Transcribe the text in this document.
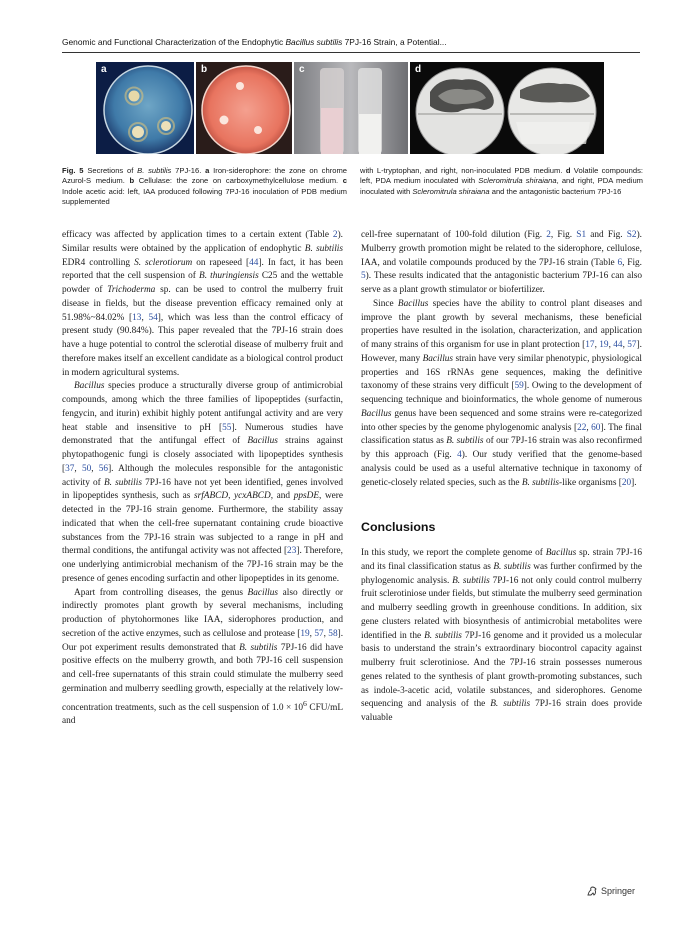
Genomic and Functional Characterization of the Endophytic Bacillus subtilis 7PJ-16 Strain, a Potential...
a	b	c	d
Fig. 5 Secretions of B. subtilis 7PJ-16. a Iron-siderophore: the zone on chrome Azurol-S medium. b Cellulase: the zone on carboxymethylcellulose medium. c Indole acetic acid: left, IAA produced following 7PJ-16 inoculation of PDB medium supplemented
with L-tryptophan, and right, non-inoculated PDB medium. d Volatile compounds: left, PDA medium inoculated with Scleromitrula shiraiana, and right, PDA medium inoculated with Scleromitrula shiraiana and the antagonistic bacterium 7PJ-16

efficacy was affected by application times to a certain extent (Table 2). Similar results were obtained by the application of endophytic B. subtilis EDR4 controlling S. sclerotiorum on rapeseed [44]. In fact, it has been reported that the cell suspension of B. thuringiensis C25 and the wettable powder of Trichoderma sp. can be used to control the mulberry fruit disease in fields, but the disease prevention efficacy remained only at 51.98%~84.02% [13, 54], which was less than the control efficacy of present study (90.84%). This paper revealed that the 7PJ-16 strain does have a huge potential to control the sclerotial disease of mulberry fruit and therefore makes itself an excellent candidate as a biological control product in modern agricultural systems.

Bacillus species produce a structurally diverse group of antimicrobial compounds, among which the three families of lipopeptides (surfactin, fengycin, and iturin) exhibit highly potent antifungal activity and are very heat stable and insensitive to pH [55]. Numerous studies have demonstrated that the antifungal effect of Bacillus strains against phytopathogenic fungi is closely associated with lipopeptides synthesis [37, 50, 56]. Although the molecules responsible for the antagonistic activity of B. subtilis 7PJ-16 have not yet been identified, genes involved in lipopeptides synthesis, such as srfABCD, ycxABCD, and ppsDE, were detected in the 7PJ-16 strain genome. Furthermore, the stability assay indicated that when the cell-free supernatant containing crude bioactive substances from the 7PJ-16 strain was subjected to a range in pH and thermal conditions, the antifungal activity was not affected [23]. Therefore, one underlying antimicrobial mechanism of the 7PJ-16 strain may be the presence of genes encoding surfactin and other lipopeptides in its genome.

Apart from controlling diseases, the genus Bacillus also directly or indirectly promotes plant growth by several mechanisms, including production of phytohormones like IAA, siderophores production, and secretion of the active enzymes, such as cellulose and protease [19, 57, 58]. Our pot experiment results demonstrated that B. subtilis 7PJ-16 did have positive effects on the mulberry growth, and both 7PJ-16 cell suspension and cell-free supernatants of this strain could stimulate the mulberry seed germination and mulberry seedling growth, especially at the relatively low-concentration treatments, such as the cell suspension of $1.0 \times 10^6$ CFU/mL and

cell-free supernatant of 100-fold dilution (Fig. 2, Fig. S1 and Fig. S2). Mulberry growth promotion might be related to the siderophore, cellulose, IAA, and volatile compounds produced by the 7PJ-16 strain (Table 6, Fig. 5). These results indicated that the antagonistic bacterium 7PJ-16 can also serve as a plant growth stimulator or biofertilizer.

Since Bacillus species have the ability to control plant diseases and improve the plant growth by several mechanisms, these beneficial properties have resulted in the isolation, characterization, and application of many strains of this organism for use in plant protection [17, 19, 44, 57]. However, many Bacillus strain have very similar phenotypic, physiological properties and 16S rRNAs gene sequences, making the definitive taxonomy of these strains very difficult [59]. Owing to the development of sequencing technique and bioinformatics, the whole genome of numerous Bacillus genus have been sequenced and some strains were re-categorized into other species by the genome phylogenomic analysis [22, 60]. The final classification status as B. subtilis of our 7PJ-16 strain was also reconfirmed by this approach (Fig. 4). Our study verified that the genome-based analysis could be used as a useful alternative technique in taxonomy of genetic-closely related species, such as the B. subtilis-like organisms [20].

Conclusions

In this study, we report the complete genome of Bacillus sp. strain 7PJ-16 and its final classification status as B. subtilis was further confirmed by the phylogenomic analysis. B. subtilis 7PJ-16 not only could control mulberry fruit sclerotiniose under fields, but stimulate the mulberry seed germination and mulberry seedling growth in greenhouse conditions. In addition, six gene clusters related with biosynthesis of antimicrobial metabolites were identified in the B. subtilis 7PJ-16 genome and it provided us a molecular basis to understand the strain’s extraordinary biocontrol capacity against mulberry fruit sclerotiniose. And the 7PJ-16 strain possesses numerous genes related to the synthesis of plant growth-promoting substances, such as indole-3-acetic acid, volatile substances, and siderophores. Genome sequencing and analysis of the B. subtilis 7PJ-16 strain does provide valuable

Springer
